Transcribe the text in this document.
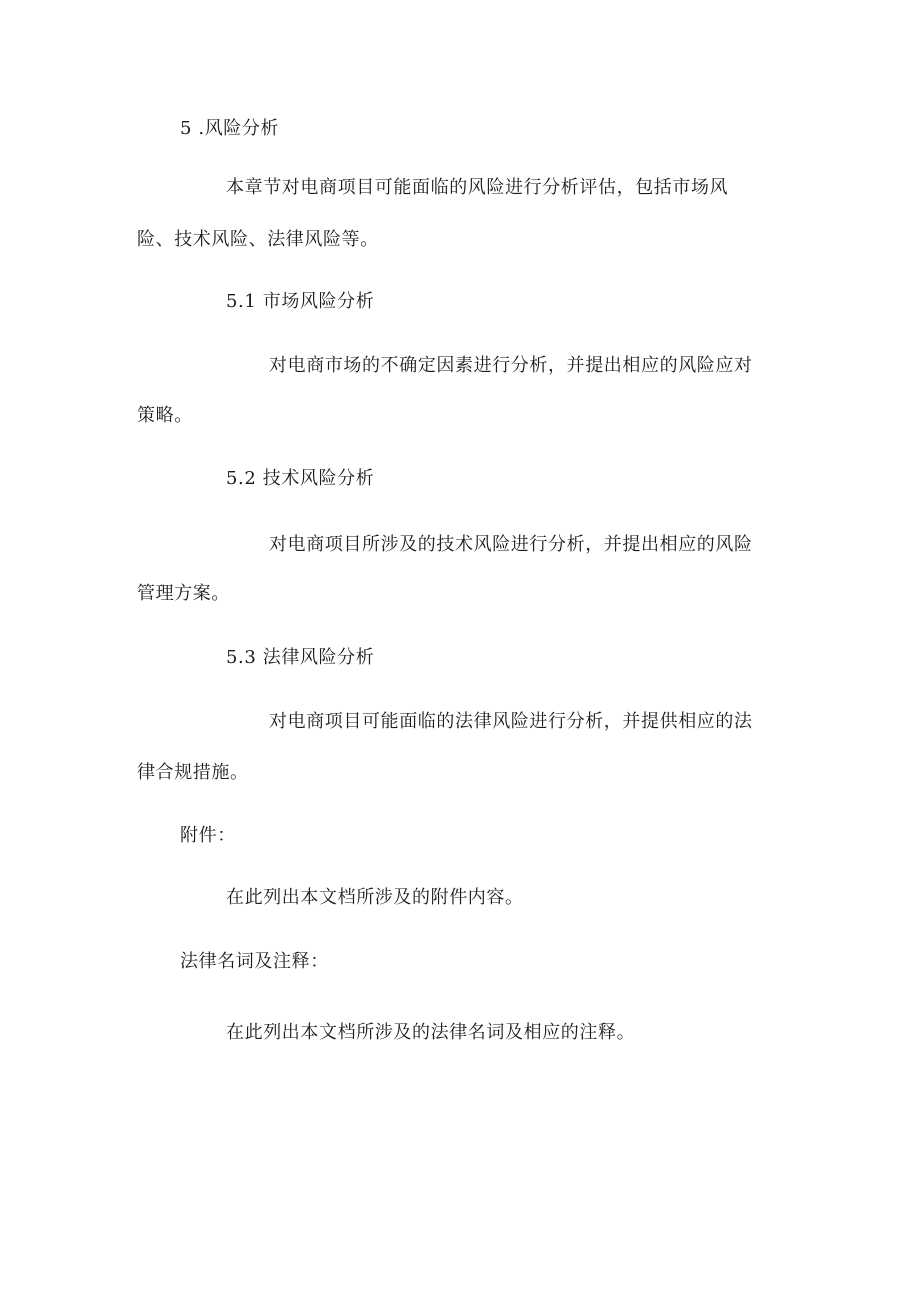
5 .风险分析
本章节对电商项目可能面临的风险进行分析评估，包括市场风
险、技术风险、法律风险等。
5.1 市场风险分析
对电商市场的不确定因素进行分析，并提出相应的风险应对
策略。
5.2 技术风险分析
对电商项目所涉及的技术风险进行分析，并提出相应的风险
管理方案。
5.3 法律风险分析
对电商项目可能面临的法律风险进行分析，并提供相应的法
律合规措施。
附件：
在此列出本文档所涉及的附件内容。
法律名词及注释：
在此列出本文档所涉及的法律名词及相应的注释。
